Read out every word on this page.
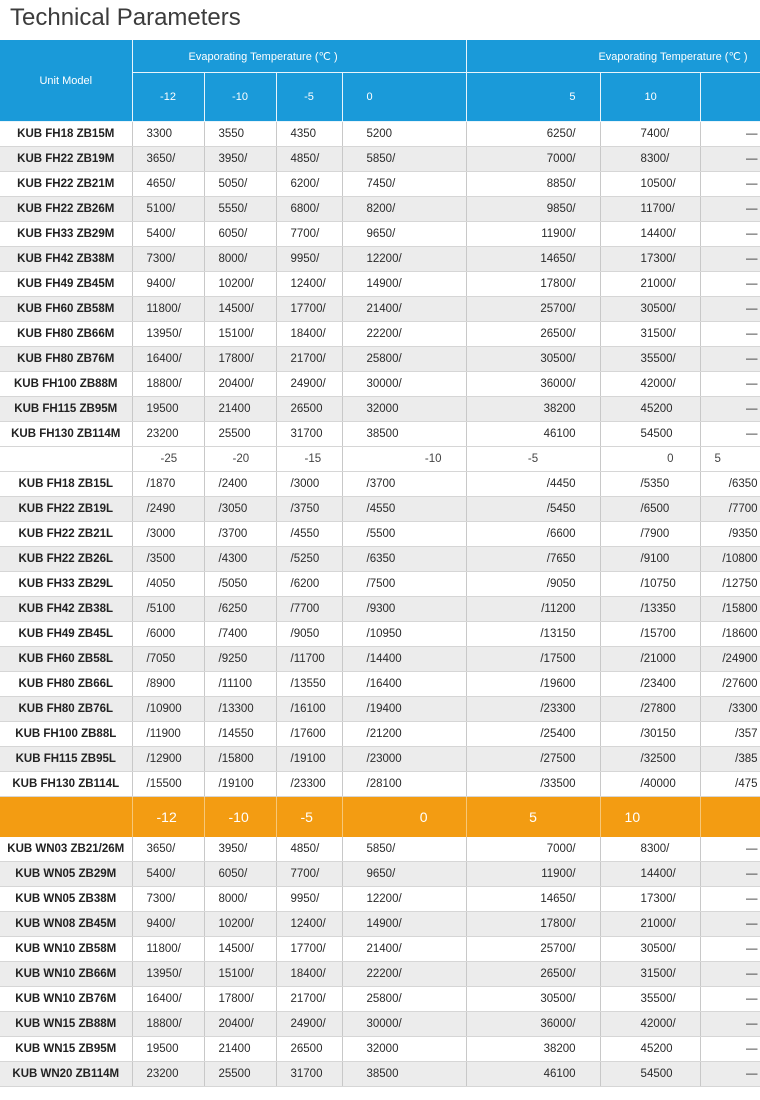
Technical Parameters
Unit Model	Evaporating Temperature (℃ )				Evaporating Temperature (℃ )		
	-12	-10	-5	0	5	10	
KUB FH18 ZB15M	3300	3550	4350	5200	6250/	7400/	—
KUB FH22 ZB19M	3650/	3950/	4850/	5850/	7000/	8300/	—
KUB FH22 ZB21M	4650/	5050/	6200/	7450/	8850/	10500/	—
KUB FH22 ZB26M	5100/	5550/	6800/	8200/	9850/	11700/	—
KUB FH33 ZB29M	5400/	6050/	7700/	9650/	11900/	14400/	—
KUB FH42 ZB38M	7300/	8000/	9950/	12200/	14650/	17300/	—
KUB FH49 ZB45M	9400/	10200/	12400/	14900/	17800/	21000/	—
KUB FH60 ZB58M	11800/	14500/	17700/	21400/	25700/	30500/	—
KUB FH80 ZB66M	13950/	15100/	18400/	22200/	26500/	31500/	—
KUB FH80 ZB76M	16400/	17800/	21700/	25800/	30500/	35500/	—
KUB FH100 ZB88M	18800/	20400/	24900/	30000/	36000/	42000/	—
KUB FH115 ZB95M	19500	21400	26500	32000	38200	45200	—
KUB FH130 ZB114M	23200	25500	31700	38500	46100	54500	—
	-25	-20	-15	-10	-5	0	5
KUB FH18 ZB15L	/1870	/2400	/3000	/3700	/4450	/5350	/6350
KUB FH22 ZB19L	/2490	/3050	/3750	/4550	/5450	/6500	/7700
KUB FH22 ZB21L	/3000	/3700	/4550	/5500	/6600	/7900	/9350
KUB FH22 ZB26L	/3500	/4300	/5250	/6350	/7650	/9100	/10800
KUB FH33 ZB29L	/4050	/5050	/6200	/7500	/9050	/10750	/12750
KUB FH42 ZB38L	/5100	/6250	/7700	/9300	/11200	/13350	/15800
KUB FH49 ZB45L	/6000	/7400	/9050	/10950	/13150	/15700	/18600
KUB FH60 ZB58L	/7050	/9250	/11700	/14400	/17500	/21000	/24900
KUB FH80 ZB66L	/8900	/11100	/13550	/16400	/19600	/23400	/27600
KUB FH80 ZB76L	/10900	/13300	/16100	/19400	/23300	/27800	/3300
KUB FH100 ZB88L	/11900	/14550	/17600	/21200	/25400	/30150	/357
KUB FH115 ZB95L	/12900	/15800	/19100	/23000	/27500	/32500	/385
KUB FH130 ZB114L	/15500	/19100	/23300	/28100	/33500	/40000	/475
	-12	-10	-5	0	5	10	
KUB WN03 ZB21/26M	3650/	3950/	4850/	5850/	7000/	8300/	—
KUB WN05 ZB29M	5400/	6050/	7700/	9650/	11900/	14400/	—
KUB WN05 ZB38M	7300/	8000/	9950/	12200/	14650/	17300/	—
KUB WN08 ZB45M	9400/	10200/	12400/	14900/	17800/	21000/	—
KUB WN10 ZB58M	11800/	14500/	17700/	21400/	25700/	30500/	—
KUB WN10 ZB66M	13950/	15100/	18400/	22200/	26500/	31500/	—
KUB WN10 ZB76M	16400/	17800/	21700/	25800/	30500/	35500/	—
KUB WN15 ZB88M	18800/	20400/	24900/	30000/	36000/	42000/	—
KUB WN15 ZB95M	19500	21400	26500	32000	38200	45200	—
KUB WN20 ZB114M	23200	25500	31700	38500	46100	54500	—
